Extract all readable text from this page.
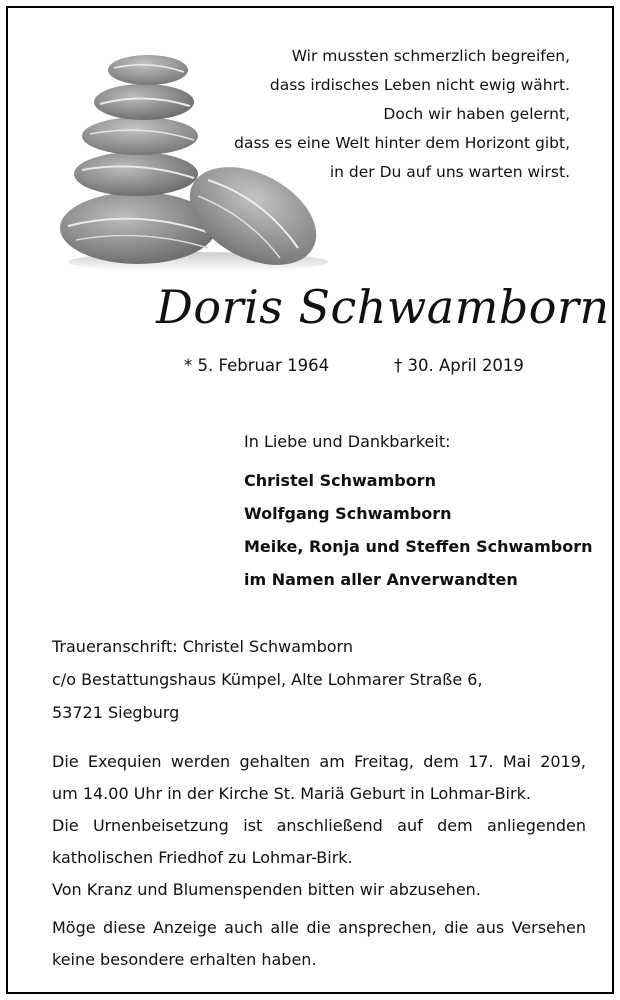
Wir mussten schmerzlich begreifen,
dass irdisches Leben nicht ewig währt.
Doch wir haben gelernt,
dass es eine Welt hinter dem Horizont gibt,
in der Du auf uns warten wirst.
Doris Schwamborn
* 5. Februar 1964	† 30. April 2019
In Liebe und Dankbarkeit:
Christel Schwamborn
Wolfgang Schwamborn
Meike, Ronja und Steffen Schwamborn
im Namen aller Anverwandten
Traueranschrift: Christel Schwamborn
c/o Bestattungshaus Kümpel, Alte Lohmarer Straße 6,
53721 Siegburg
Die Exequien werden gehalten am Freitag, dem 17. Mai 2019,
um 14.00 Uhr in der Kirche St. Mariä Geburt in Lohmar-Birk.
Die Urnenbeisetzung ist anschließend auf dem anliegenden
katholischen Friedhof zu Lohmar-Birk.
Von Kranz und Blumenspenden bitten wir abzusehen.
Möge diese Anzeige auch alle die ansprechen, die aus Versehen
keine besondere erhalten haben.
